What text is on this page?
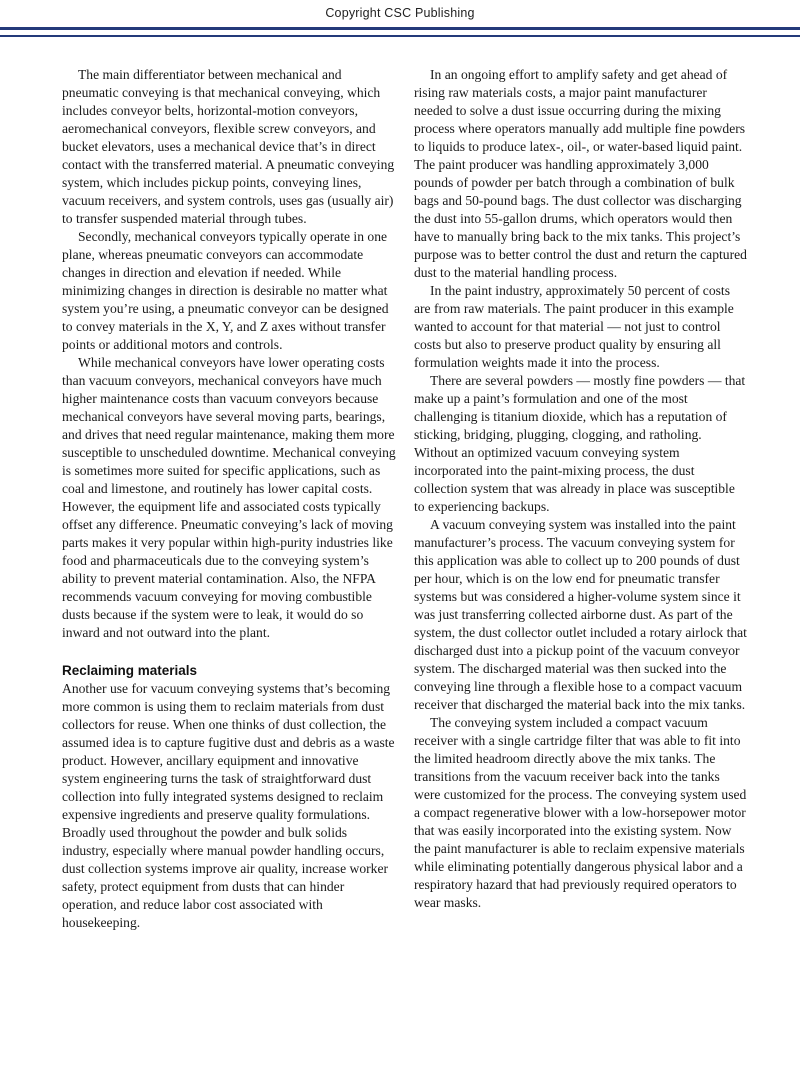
Copyright CSC Publishing

The main differentiator between mechanical and pneumatic conveying is that mechanical conveying, which includes conveyor belts, horizontal-motion conveyors, aeromechanical conveyors, flexible screw conveyors, and bucket elevators, uses a mechanical device that’s in direct contact with the transferred material. A pneumatic conveying system, which includes pickup points, conveying lines, vacuum receivers, and system controls, uses gas (usually air) to transfer suspended material through tubes.

Secondly, mechanical conveyors typically operate in one plane, whereas pneumatic conveyors can accommodate changes in direction and elevation if needed. While minimizing changes in direction is desirable no matter what system you’re using, a pneumatic conveyor can be designed to convey materials in the X, Y, and Z axes without transfer points or additional motors and controls.

While mechanical conveyors have lower operating costs than vacuum conveyors, mechanical conveyors have much higher maintenance costs than vacuum conveyors because mechanical conveyors have several moving parts, bearings, and drives that need regular maintenance, making them more susceptible to unscheduled downtime. Mechanical conveying is sometimes more suited for specific applications, such as coal and limestone, and routinely has lower capital costs. However, the equipment life and associated costs typically offset any difference. Pneumatic conveying’s lack of moving parts makes it very popular within high-purity industries like food and pharmaceuticals due to the conveying system’s ability to prevent material contamination. Also, the NFPA recommends vacuum conveying for moving combustible dusts because if the system were to leak, it would do so inward and not outward into the plant.

Reclaiming materials

Another use for vacuum conveying systems that’s becoming more common is using them to reclaim materials from dust collectors for reuse. When one thinks of dust collection, the assumed idea is to capture fugitive dust and debris as a waste product. However, ancillary equipment and innovative system engineering turns the task of straightforward dust collection into fully integrated systems designed to reclaim expensive ingredients and preserve quality formulations. Broadly used throughout the powder and bulk solids industry, especially where manual powder handling occurs, dust collection systems improve air quality, increase worker safety, protect equipment from dusts that can hinder operation, and reduce labor cost associated with housekeeping.

In an ongoing effort to amplify safety and get ahead of rising raw materials costs, a major paint manufacturer needed to solve a dust issue occurring during the mixing process where operators manually add multiple fine powders to liquids to produce latex-, oil-, or water-based liquid paint. The paint producer was handling approximately 3,000 pounds of powder per batch through a combination of bulk bags and 50-pound bags. The dust collector was discharging the dust into 55-gallon drums, which operators would then have to manually bring back to the mix tanks. This project’s purpose was to better control the dust and return the captured dust to the material handling process.

In the paint industry, approximately 50 percent of costs are from raw materials. The paint producer in this example wanted to account for that material — not just to control costs but also to preserve product quality by ensuring all formulation weights made it into the process.

There are several powders — mostly fine powders — that make up a paint’s formulation and one of the most challenging is titanium dioxide, which has a reputation of sticking, bridging, plugging, clogging, and ratholing. Without an optimized vacuum conveying system incorporated into the paint-mixing process, the dust collection system that was already in place was susceptible to experiencing backups.

A vacuum conveying system was installed into the paint manufacturer’s process. The vacuum conveying system for this application was able to collect up to 200 pounds of dust per hour, which is on the low end for pneumatic transfer systems but was considered a higher-volume system since it was just transferring collected airborne dust. As part of the system, the dust collector outlet included a rotary airlock that discharged dust into a pickup point of the vacuum conveyor system. The discharged material was then sucked into the conveying line through a flexible hose to a compact vacuum receiver that discharged the material back into the mix tanks.

The conveying system included a compact vacuum receiver with a single cartridge filter that was able to fit into the limited headroom directly above the mix tanks. The transitions from the vacuum receiver back into the tanks were customized for the process. The conveying system used a compact regenerative blower with a low-horsepower motor that was easily incorporated into the existing system. Now the paint manufacturer is able to reclaim expensive materials while eliminating potentially dangerous physical labor and a respiratory hazard that had previously required operators to wear masks.
